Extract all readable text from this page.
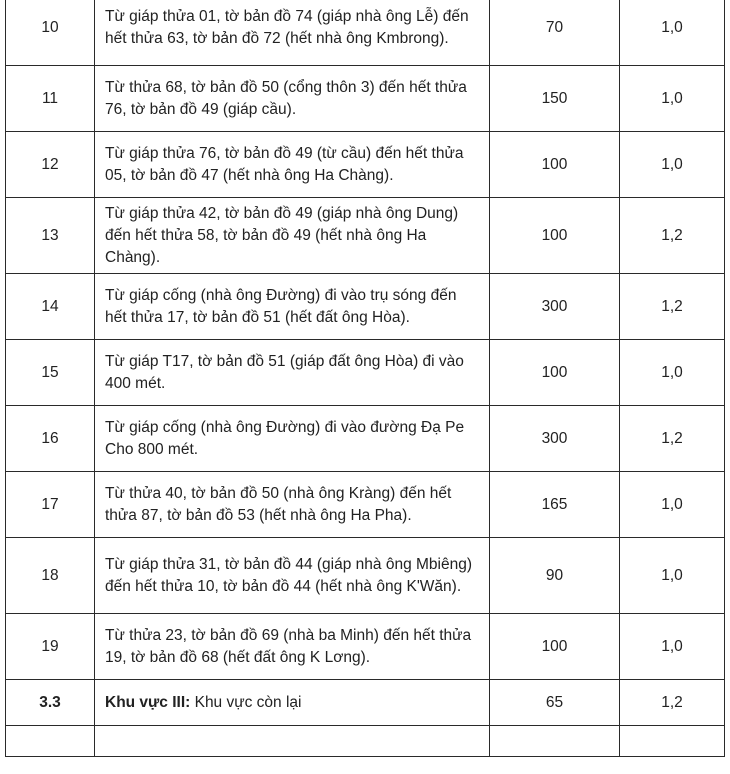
10	Từ giáp thửa 01, tờ bản đồ 74 (giáp nhà ông Lễ) đến hết thửa 63, tờ bản đồ 72 (hết nhà ông Kmbrong).	70	1,0
11	Từ thửa 68, tờ bản đồ 50 (cổng thôn 3) đến hết thửa 76, tờ bản đồ 49 (giáp cầu).	150	1,0
12	Từ giáp thửa 76, tờ bản đồ 49 (từ cầu) đến hết thửa 05, tờ bản đồ 47 (hết nhà ông Ha Chàng).	100	1,0
13	Từ giáp thửa 42, tờ bản đồ 49 (giáp nhà ông Dung) đến hết thửa 58, tờ bản đồ 49 (hết nhà ông Ha Chàng).	100	1,2
14	Từ giáp cống (nhà ông Đường) đi vào trụ sóng đến hết thửa 17, tờ bản đồ 51 (hết đất ông Hòa).	300	1,2
15	Từ giáp T17, tờ bản đồ 51 (giáp đất ông Hòa) đi vào 400 mét.	100	1,0
16	Từ giáp cống (nhà ông Đường) đi vào đường Đạ Pe Cho 800 mét.	300	1,2
17	Từ thửa 40, tờ bản đồ 50 (nhà ông Kràng) đến hết thửa 87, tờ bản đồ 53 (hết nhà ông Ha Pha).	165	1,0
18	Từ giáp thửa 31, tờ bản đồ 44 (giáp nhà ông Mbiêng) đến hết thửa 10, tờ bản đồ 44 (hết nhà ông K'Wăn).	90	1,0
19	Từ thửa 23, tờ bản đồ 69 (nhà ba Minh) đến hết thửa 19, tờ bản đồ 68 (hết đất ông K Lơng).	100	1,0
3.3	Khu vực III: Khu vực còn lại	65	1,2
